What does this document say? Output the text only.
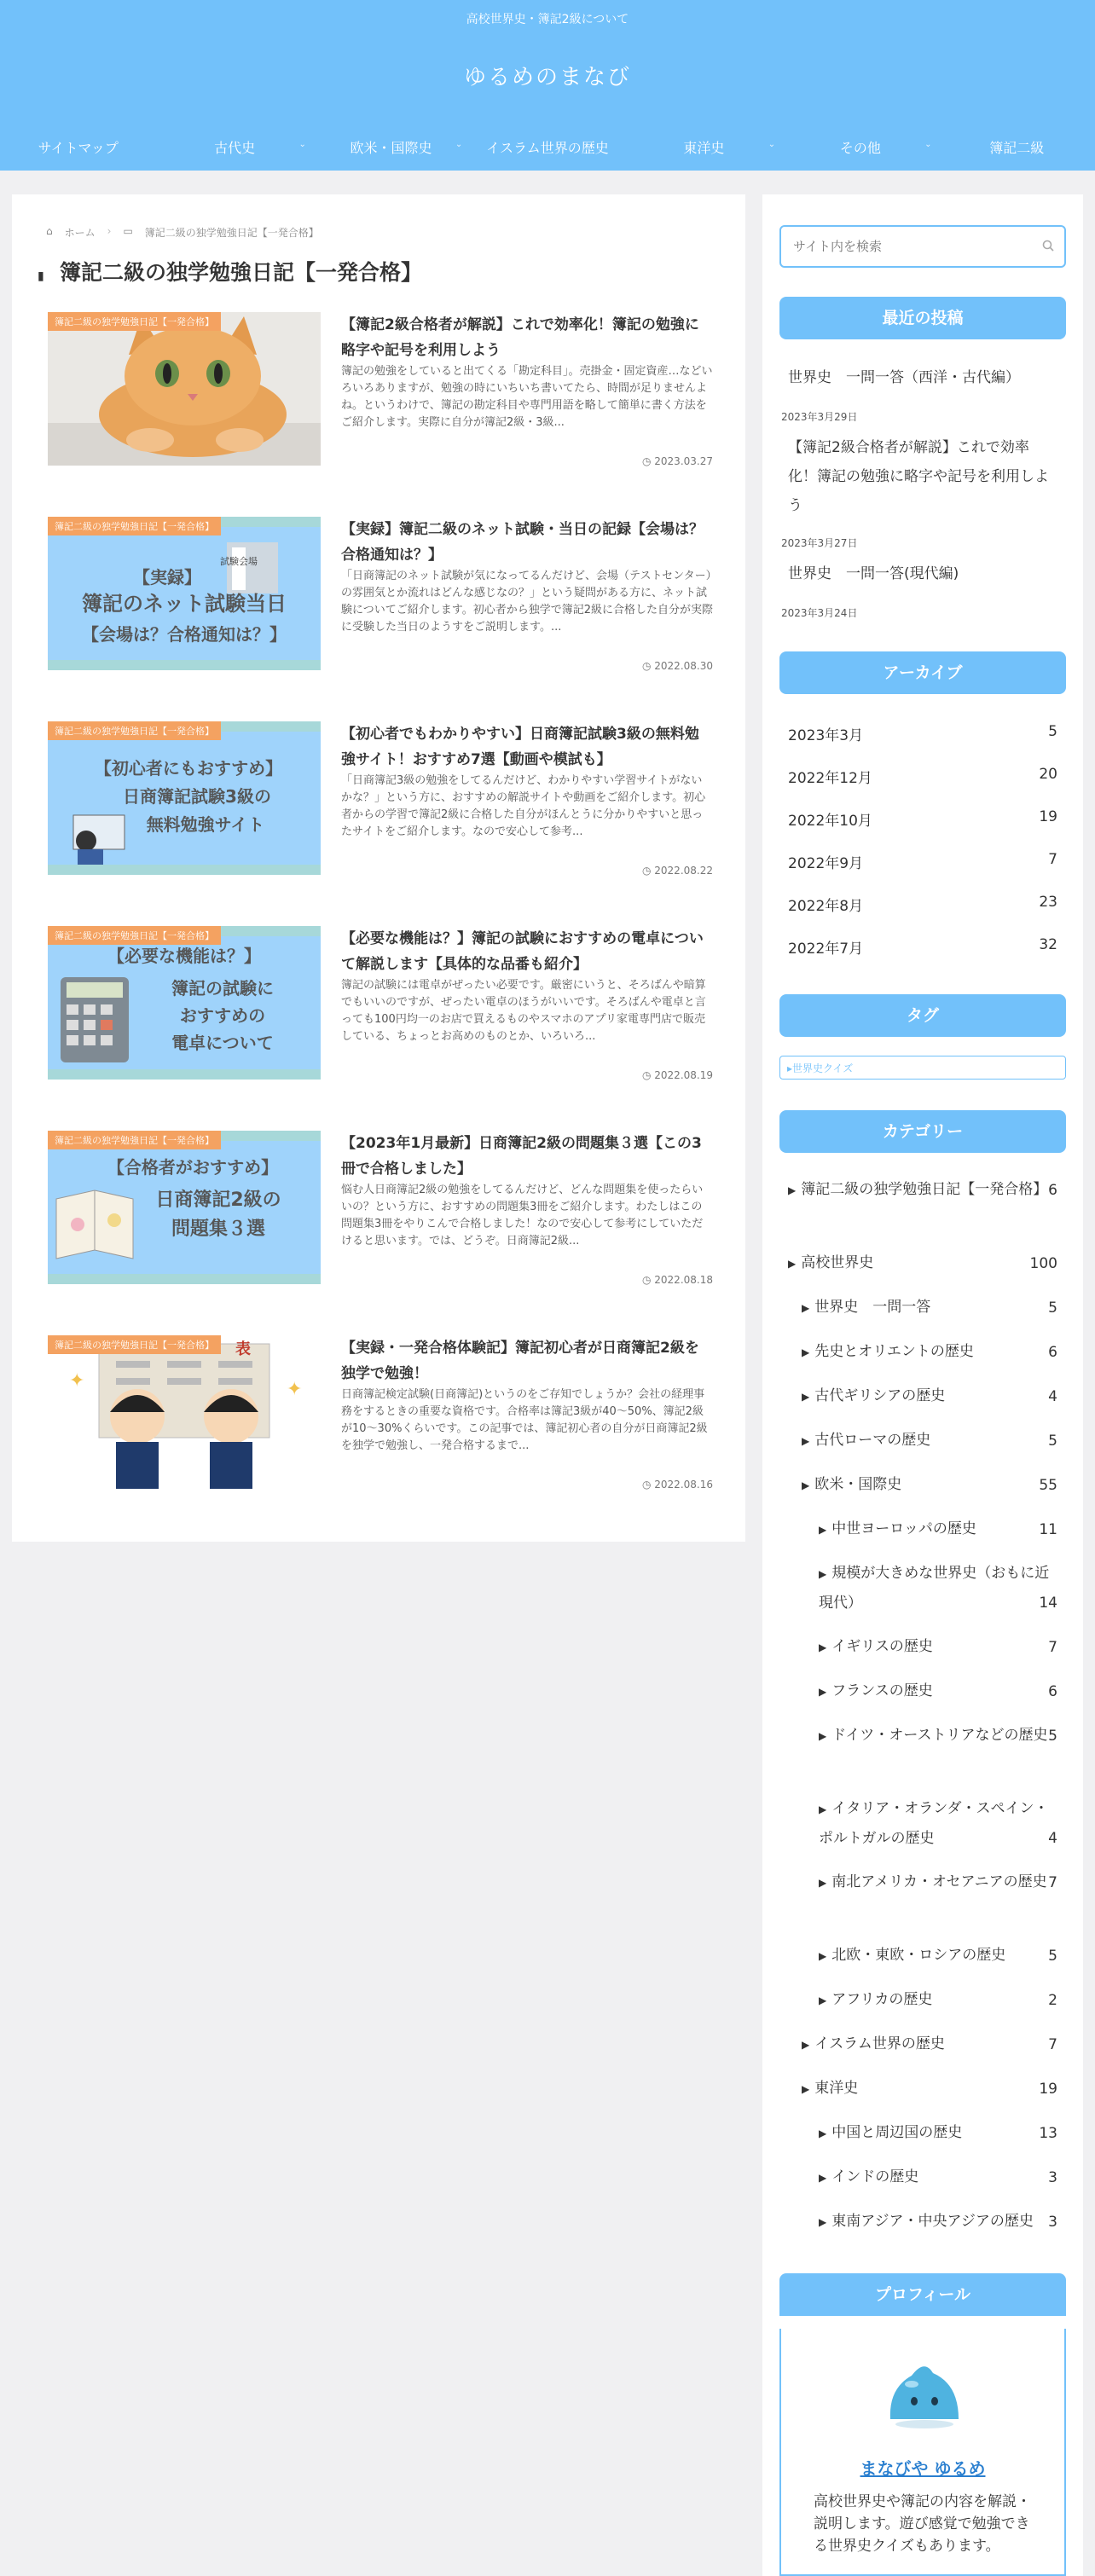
高校世界史・簿記2級について
ゆるめのまなび
サイトマップ	古代史	⌄	欧米・国際史	⌄ イスラム世界の歴史	東洋史	⌄	その他	⌄	簿記二級
⌂ ホーム › ▭ 簿記二級の独学勉強日記【一発合格】
▮ 簿記二級の独学勉強日記【一発合格】
簿記二級の独学勉強日記【一発合格】	【簿記2級合格者が解説】これで効率化！簿記の勉強に略字や記号を利用しよう
簿記の勉強をしていると出てくる「勘定科目」。売掛金・固定資産…などいろいろありますが、勉強の時にいちいち書いてたら、時間が足りませんよね。というわけで、簿記の勘定科目や専門用語を略して簡単に書く方法をご紹介します。実際に自分が簿記2級・3級...
◷ 2023.03.27
簿記二級の独学勉強日記【一発合格】
試験会場
【実録】
簿記のネット試験当日
【会場は？合格通知は？】
【実録】簿記二級のネット試験・当日の記録【会場は？合格通知は？】
「日商簿記のネット試験が気になってるんだけど、会場（テストセンター）の雰囲気とか流れはどんな感じなの？」という疑問がある方に、ネット試験についてご紹介します。初心者から独学で簿記2級に合格した自分が実際に受験した当日のようすをご説明します。...
◷ 2022.08.30
簿記二級の独学勉強日記【一発合格】
【初心者にもおすすめ】
日商簿記試験3級の
無料勉強サイト
【初心者でもわかりやすい】日商簿記試験3級の無料勉強サイト！おすすめ7選【動画や模試も】
「日商簿記3級の勉強をしてるんだけど、わかりやすい学習サイトがないかな？」という方に、おすすめの解説サイトや動画をご紹介します。初心者からの学習で簿記2級に合格した自分がほんとうに分かりやすいと思ったサイトをご紹介します。なので安心して参考...
◷ 2022.08.22
簿記二級の独学勉強日記【一発合格】
【必要な機能は？】
簿記の試験に
おすすめの
電卓について
【必要な機能は？】簿記の試験におすすめの電卓について解説します【具体的な品番も紹介】
簿記の試験には電卓がぜったい必要です。厳密にいうと、そろばんや暗算でもいいのですが、ぜったい電卓のほうがいいです。そろばんや電卓と言っても100円均一のお店で買えるものやスマホのアプリ家電専門店で販売している、ちょっとお高めのものとか、いろいろ...
◷ 2022.08.19
簿記二級の独学勉強日記【一発合格】
【合格者がおすすめ】
日商簿記2級の
問題集３選
【2023年1月最新】日商簿記2級の問題集３選【この3冊で合格しました】
悩む人日商簿記2級の勉強をしてるんだけど、どんな問題集を使ったらいいの？という方に、おすすめの問題集3冊をご紹介します。わたしはこの問題集3冊をやりこんで合格しました！なので安心して参考にしていただけると思います。では、どうぞ。日商簿記2級...
◷ 2022.08.18
簿記二級の独学勉強日記【一発合格】	表
✦	✦
【実録・一発合格体験記】簿記初心者が日商簿記2級を独学で勉強！
日商簿記検定試験(日商簿記)というのをご存知でしょうか？会社の経理事務をするときの重要な資格です。合格率は簿記3級が40〜50%、簿記2級が10〜30%くらいです。この記事では、簿記初心者の自分が日商簿記2級を独学で勉強し、一発合格するまで...
◷ 2022.08.16
サイト内を検索
最近の投稿
世界史　一問一答（西洋・古代編）
2023年3月29日
【簿記2級合格者が解説】これで効率化！簿記の勉強に略字や記号を利用しよう
2023年3月27日
世界史　一問一答(現代編)
2023年3月24日
アーカイブ
2023年3月	5
2022年12月	20
2022年10月	19
2022年9月	7
2022年8月	23
2022年7月	32
タグ
▸世界史クイズ
カテゴリー
▶ 簿記二級の独学勉強日記【一発合格】 6
▶ 高校世界史	100
▶ 世界史　一問一答	5
▶ 先史とオリエントの歴史	6
▶ 古代ギリシアの歴史	4
▶ 古代ローマの歴史	5
▶ 欧米・国際史	55
▶ 中世ヨーロッパの歴史	11
▶ 規模が大きめな世界史（おもに近現代）	14
▶ イギリスの歴史	7
▶ フランスの歴史	6
▶ ドイツ・オーストリアなどの歴史 5
▶ イタリア・オランダ・スペイン・ポルトガルの歴史	4
▶ 南北アメリカ・オセアニアの歴史 7
▶ 北欧・東欧・ロシアの歴史	5
▶ アフリカの歴史	2
▶ イスラム世界の歴史	7
▶ 東洋史	19
▶ 中国と周辺国の歴史	13
▶ インドの歴史	3
▶ 東南アジア・中央アジアの歴史 3
プロフィール
まなびや ゆるめ
高校世界史や簿記の内容を解説・説明します。遊び感覚で勉強できる世界史クイズもあります。
